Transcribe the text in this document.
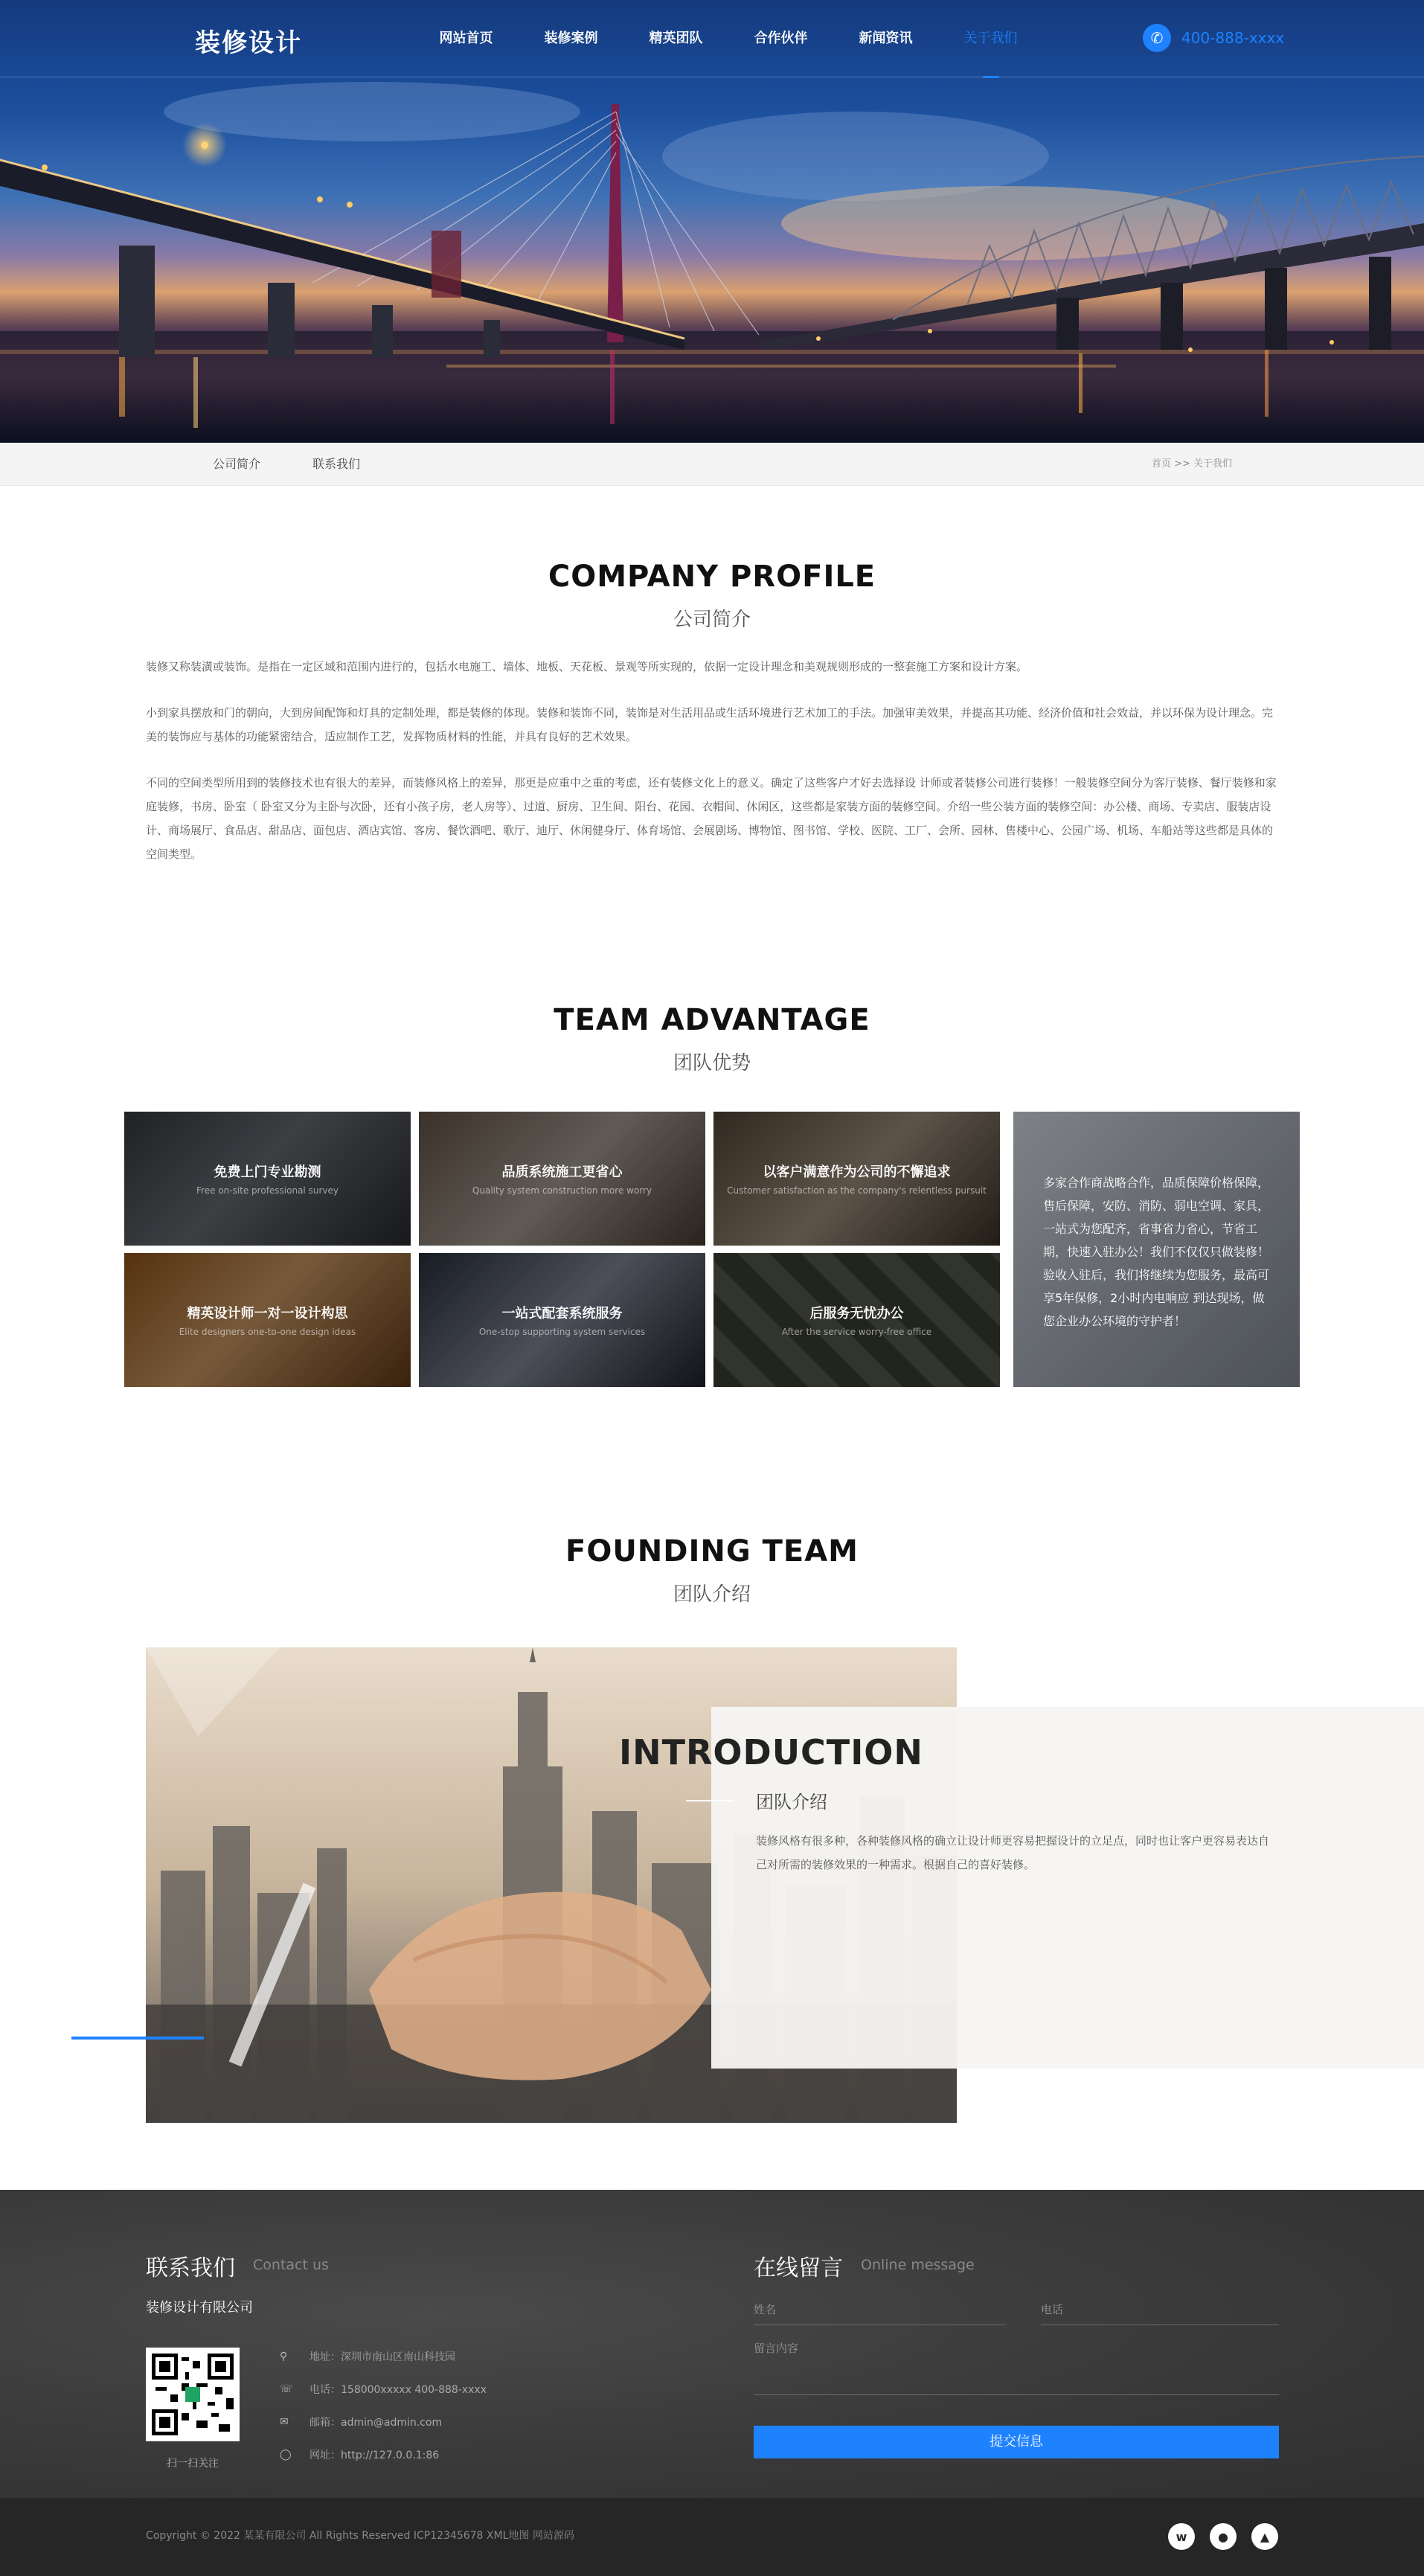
装修设计	网站首页	装修案例	精英团队	合作伙伴	新闻资讯	关于我们	✆	400-888-xxxx
公司简介	联系我们	首页 >> 关于我们
COMPANY PROFILE
公司简介

装修又称装潢或装饰。是指在一定区域和范围内进行的，包括水电施工、墙体、地板、天花板、景观等所实现的，依据一定设计理念和美观规则形成的一整套施工方案和设计方案。

小到家具摆放和门的朝向，大到房间配饰和灯具的定制处理，都是装修的体现。装修和装饰不同，装饰是对生活用品或生活环境进行艺术加工的手法。加强审美效果，并提高其功能、经济价值和社会效益，并以环保为设计理念。完美的装饰应与基体的功能紧密结合，适应制作工艺，发挥物质材料的性能，并具有良好的艺术效果。

不同的空间类型所用到的装修技术也有很大的差异，而装修风格上的差异，那更是应重中之重的考虑，还有装修文化上的意义。确定了这些客户才好去选择设 计师或者装修公司进行装修！一般装修空间分为客厅装修、餐厅装修和家庭装修，书房、卧室（ 卧室又分为主卧与次卧，还有小孩子房，老人房等）、过道、厨房、卫生间、阳台、花园、衣帽间、休闲区，这些都是家装方面的装修空间。介绍一些公装方面的装修空间：办公楼、商场、专卖店、服装店设计、商场展厅、食品店、甜品店、面包店、酒店宾馆、客房、餐饮酒吧、歌厅、迪厅、休闲健身厅、体育场馆、会展剧场、博物馆、图书馆、学校、医院、工厂、会所、园林、售楼中心、公园广场、机场、车船站等这些都是具体的空间类型。

TEAM ADVANTAGE
团队优势
免费上门专业勘测
Free on-site professional survey
品质系统施工更省心
Quality system construction more worry
以客户满意作为公司的不懈追求
Customer satisfaction as the company's relentless pursuit
精英设计师一对一设计构思
Elite designers one-to-one design ideas
一站式配套系统服务
One-stop supporting system services
后服务无忧办公
After the service worry-free office
多家合作商战略合作，品质保障价格保障，售后保障，安防、消防、弱电空调、家具，一站式为您配齐，省事省力省心，节省工期，快速入驻办公！我们不仅仅只做装修！验收入驻后，我们将继续为您服务，最高可享5年保修，2小时内电响应 到达现场，做您企业办公环境的守护者！
FOUNDING TEAM
团队介绍
INTRODUCTION
团队介绍
装修风格有很多种，各种装修风格的确立让设计师更容易把握设计的立足点，同时也让客户更容易表达自己对所需的装修效果的一种需求。根据自己的喜好装修。
联系我们 Contact us	在线留言 Online message
姓名	电话
留言内容
装修设计有限公司
扫一扫关注
⚲	地址：深圳市南山区南山科技园
☏	电话：158000xxxxx 400-888-xxxx
✉	邮箱：admin@admin.com
◯	网址：http://127.0.0.1:86
提交信息
Copyright © 2022 某某有限公司 All Rights Reserved ICP12345678 XML地图 网站源码	w	●	▲
